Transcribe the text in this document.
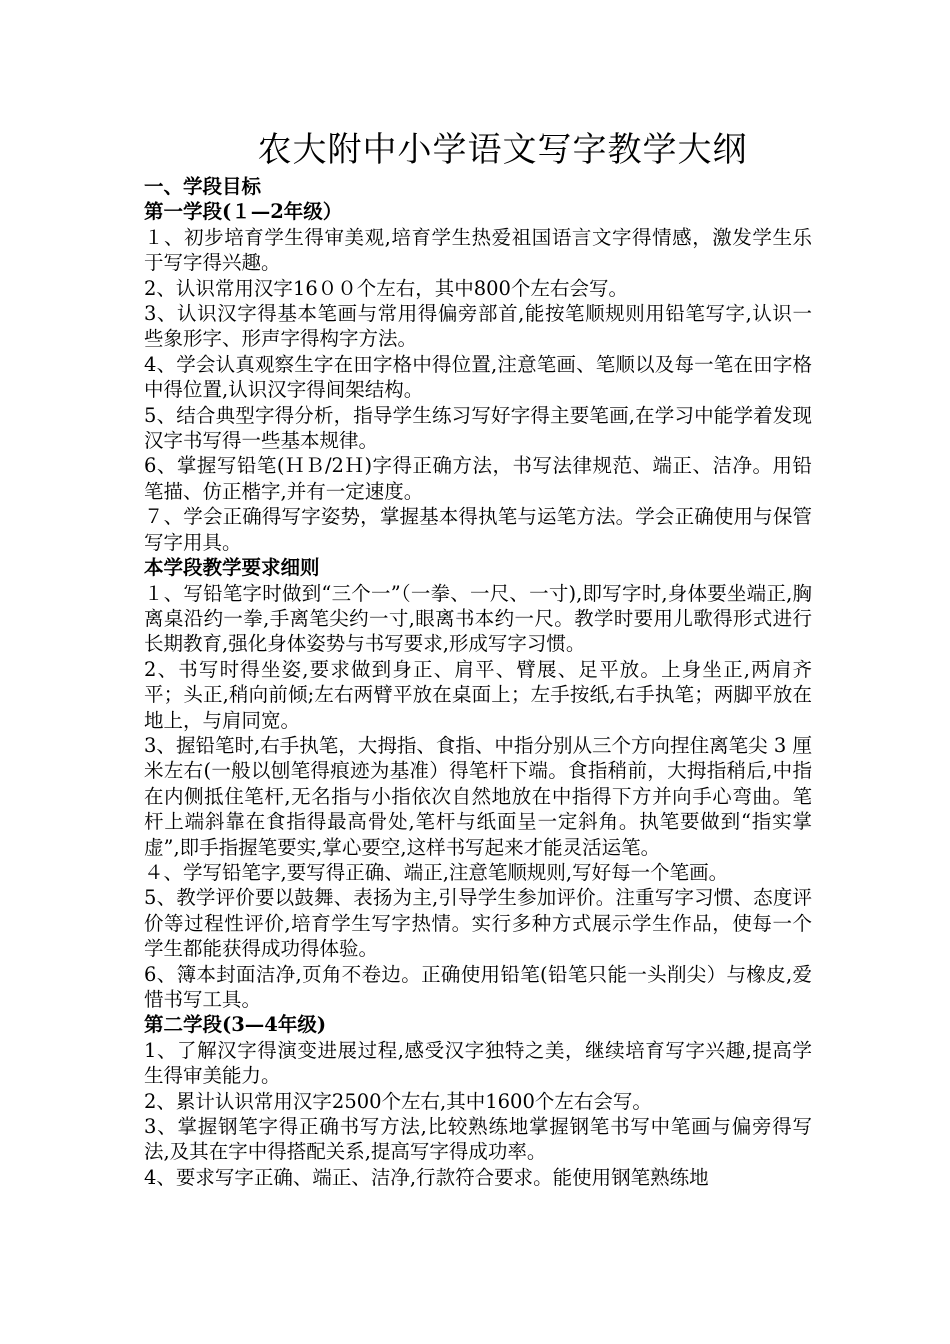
农大附中小学语文写字教学大纲

一、学段目标

第一学段(１—2年级）

１、初步培育学生得审美观,培育学生热爱祖国语言文字得情感，激发学生乐于写字得兴趣。

2、认识常用汉字16００个左右，其中800个左右会写。

3、认识汉字得基本笔画与常用得偏旁部首,能按笔顺规则用铅笔写字,认识一些象形字、形声字得构字方法。

4、学会认真观察生字在田字格中得位置,注意笔画、笔顺以及每一笔在田字格中得位置,认识汉字得间架结构。

5、结合典型字得分析，指导学生练习写好字得主要笔画,在学习中能学着发现汉字书写得一些基本规律。

6、掌握写铅笔(ＨＢ/2Ｈ)字得正确方法，书写法律规范、端正、洁净。用铅笔描、仿正楷字,并有一定速度。

７、学会正确得写字姿势，掌握基本得执笔与运笔方法。学会正确使用与保管写字用具。

本学段教学要求细则

１、写铅笔字时做到“三个一”（一拳、一尺、一寸),即写字时,身体要坐端正,胸离桌沿约一拳,手离笔尖约一寸,眼离书本约一尺。教学时要用儿歌得形式进行长期教育,强化身体姿势与书写要求,形成写字习惯。

2、书写时得坐姿,要求做到身正、肩平、臂展、足平放。上身坐正,两肩齐平；头正,稍向前倾;左右两臂平放在桌面上；左手按纸,右手执笔；两脚平放在地上，与肩同宽。

3、握铅笔时,右手执笔，大拇指、食指、中指分别从三个方向捏住离笔尖 3 厘米左右(一般以刨笔得痕迹为基准）得笔杆下端。食指稍前，大拇指稍后,中指在内侧抵住笔杆,无名指与小指依次自然地放在中指得下方并向手心弯曲。笔杆上端斜靠在食指得最高骨处,笔杆与纸面呈一定斜角。执笔要做到“指实掌虚”,即手指握笔要实,掌心要空,这样书写起来才能灵活运笔。

４、学写铅笔字,要写得正确、端正,注意笔顺规则,写好每一个笔画。

5、教学评价要以鼓舞、表扬为主,引导学生参加评价。注重写字习惯、态度评价等过程性评价,培育学生写字热情。实行多种方式展示学生作品，使每一个学生都能获得成功得体验。

6、簿本封面洁净,页角不卷边。正确使用铅笔(铅笔只能一头削尖）与橡皮,爱惜书写工具。

第二学段(3—4年级)

1、了解汉字得演变进展过程,感受汉字独特之美，继续培育写字兴趣,提高学生得审美能力。

2、累计认识常用汉字2500个左右,其中1600个左右会写。

3、掌握钢笔字得正确书写方法,比较熟练地掌握钢笔书写中笔画与偏旁得写法,及其在字中得搭配关系,提高写字得成功率。

4、要求写字正确、端正、洁净,行款符合要求。能使用钢笔熟练地
